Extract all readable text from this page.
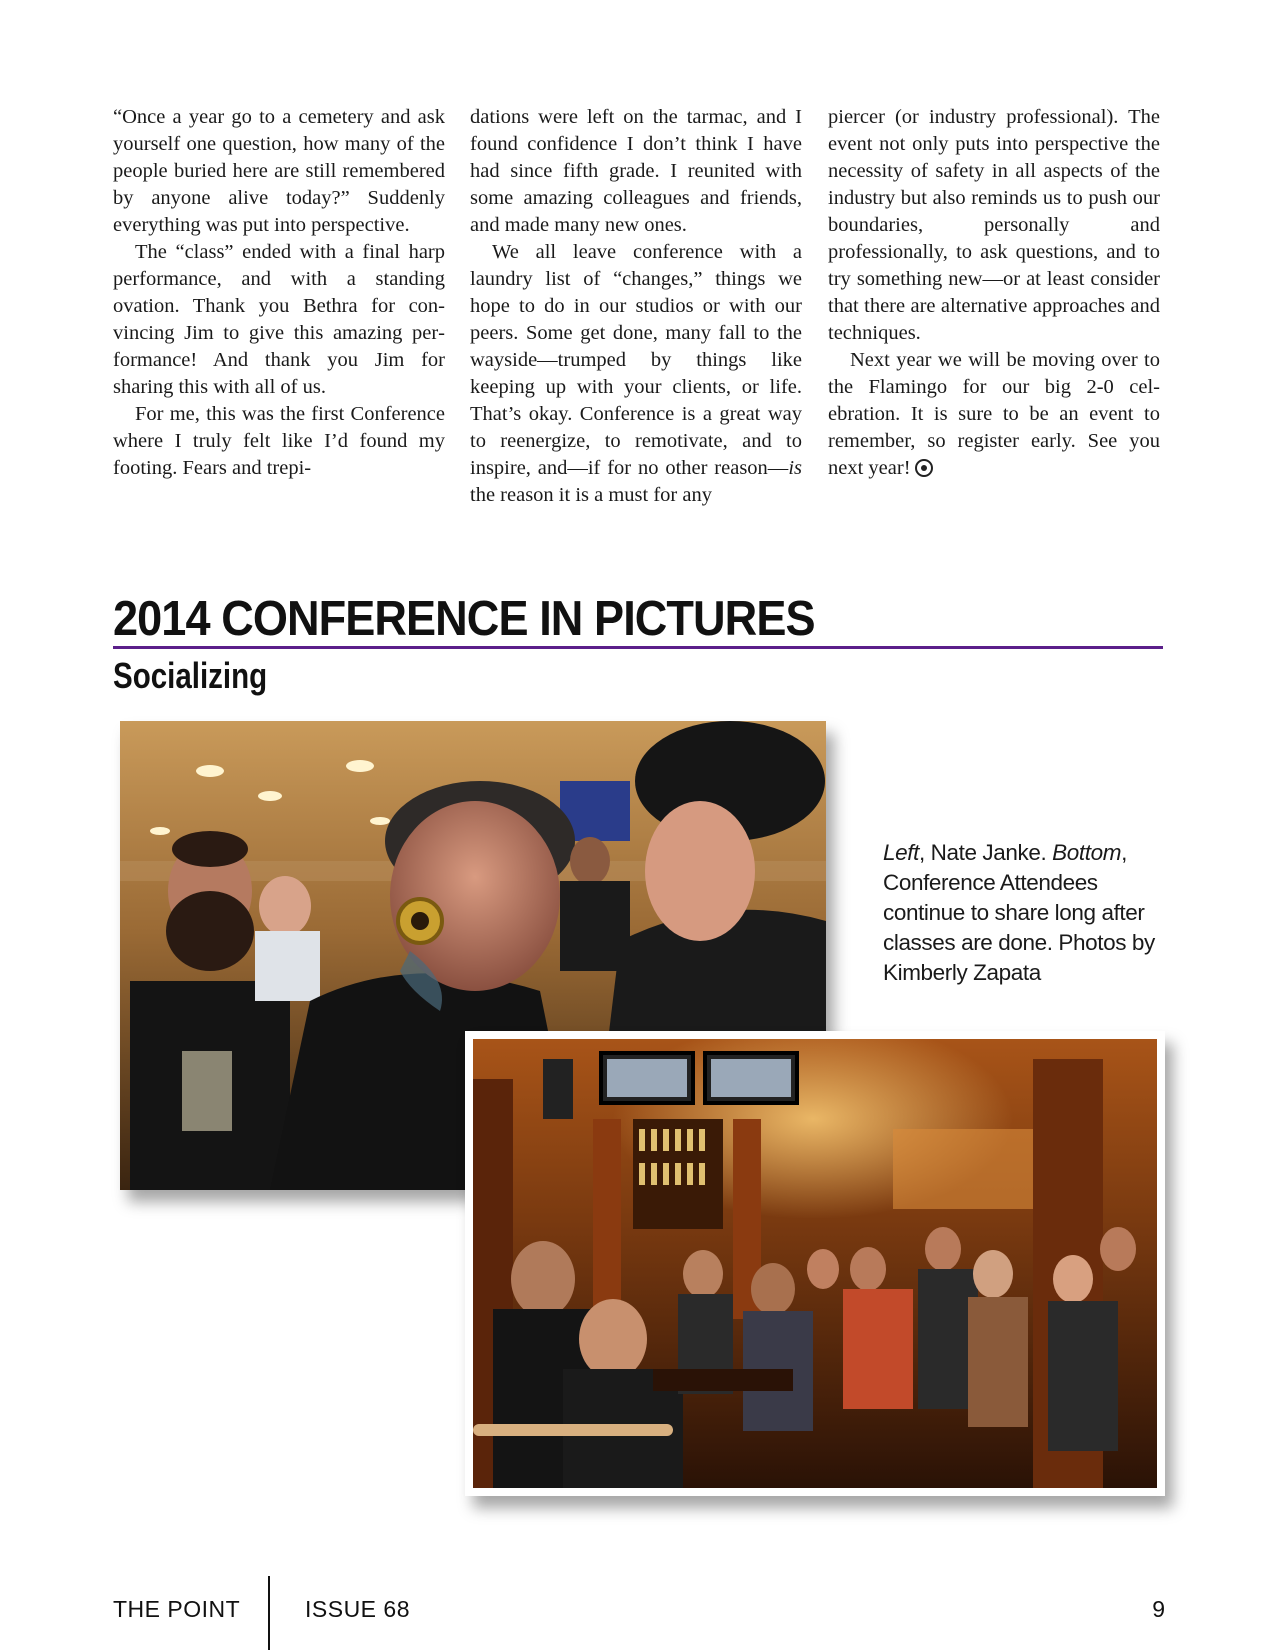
“Once a year go to a cemetery and ask yourself one question, how many of the people buried here are still remembered by anyone alive today?” Suddenly everything was put into perspective.

The “class” ended with a final harp performance, and with a standing ovation. Thank you Bethra for convincing Jim to give this amazing performance! And thank you Jim for sharing this with all of us.

For me, this was the first Conference where I truly felt like I’d found my footing. Fears and trepi-

dations were left on the tarmac, and I found confidence I don’t think I have had since fifth grade. I reunited with some amazing colleagues and friends, and made many new ones.

We all leave conference with a laundry list of “changes,” things we hope to do in our studios or with our peers. Some get done, many fall to the wayside—trumped by things like keeping up with your clients, or life. That’s okay. Conference is a great way to reenergize, to remotivate, and to inspire, and—if for no other reason—is the reason it is a must for any

piercer (or industry professional). The event not only puts into perspective the necessity of safety in all aspects of the industry but also reminds us to push our boundaries, personally and professionally, to ask questions, and to try something new—or at least consider that there are alternative approaches and techniques.

Next year we will be moving over to the Flamingo for our big 2-0 celebration. It is sure to be an event to remember, so register early. See you next year!

2014 CONFERENCE IN PICTURES
Socializing
Left, Nate Janke. Bottom, Conference Attendees continue to share long after classes are done. Photos by Kimberly Zapata
THE POINT	ISSUE 68	9
